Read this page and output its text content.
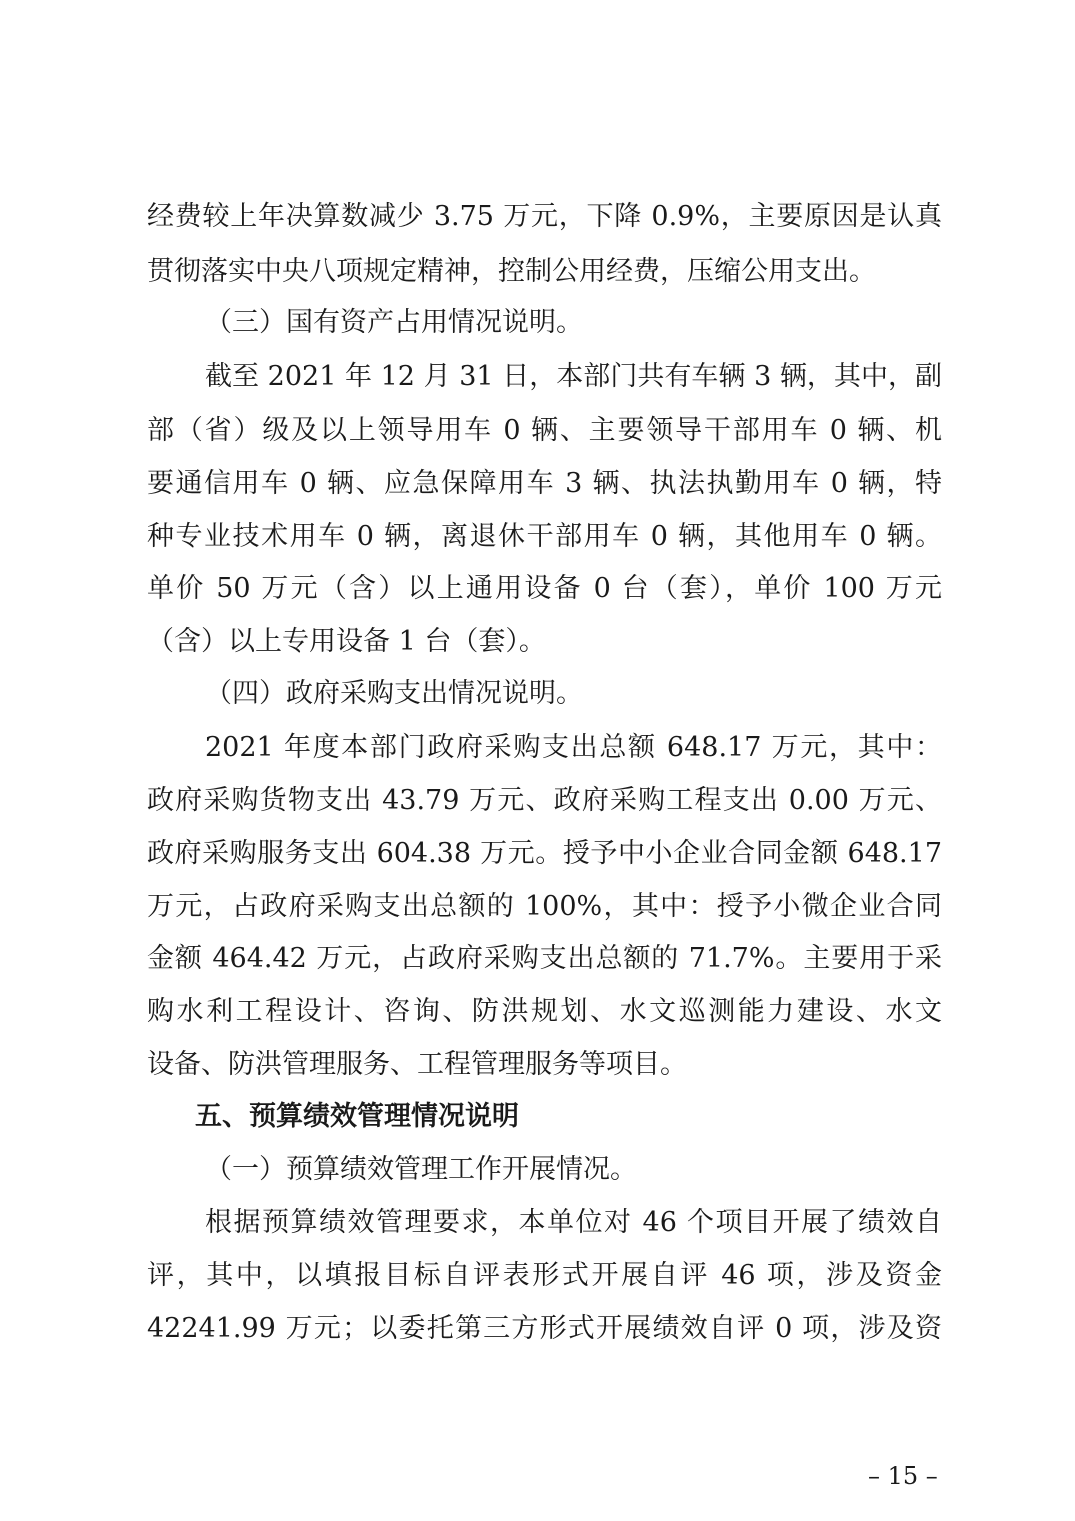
经费较上年决算数减少 3.75 万元，下降 0.9%，主要原因是认真
贯彻落实中央八项规定精神，控制公用经费，压缩公用支出。
（三）国有资产占用情况说明。
截至 2021 年 12 月 31 日，本部门共有车辆 3 辆，其中，副
部（省）级及以上领导用车 0 辆、主要领导干部用车 0 辆、机
要通信用车 0 辆、应急保障用车 3 辆、执法执勤用车 0 辆，特
种专业技术用车 0 辆，离退休干部用车 0 辆，其他用车 0 辆。
单价 50 万元（含）以上通用设备 0 台（套），单价 100 万元
（含）以上专用设备 1 台（套）。
（四）政府采购支出情况说明。
2021 年度本部门政府采购支出总额 648.17 万元，其中：
政府采购货物支出 43.79 万元、政府采购工程支出 0.00 万元、
政府采购服务支出 604.38 万元。授予中小企业合同金额 648.17
万元，占政府采购支出总额的 100%，其中：授予小微企业合同
金额 464.42 万元，占政府采购支出总额的 71.7%。主要用于采
购水利工程设计、咨询、防洪规划、水文巡测能力建设、水文
设备、防洪管理服务、工程管理服务等项目。
五、预算绩效管理情况说明
（一）预算绩效管理工作开展情况。
根据预算绩效管理要求，本单位对 46 个项目开展了绩效自
评，其中，以填报目标自评表形式开展自评 46 项，涉及资金
42241.99 万元；以委托第三方形式开展绩效自评 0 项，涉及资
– 15 –
